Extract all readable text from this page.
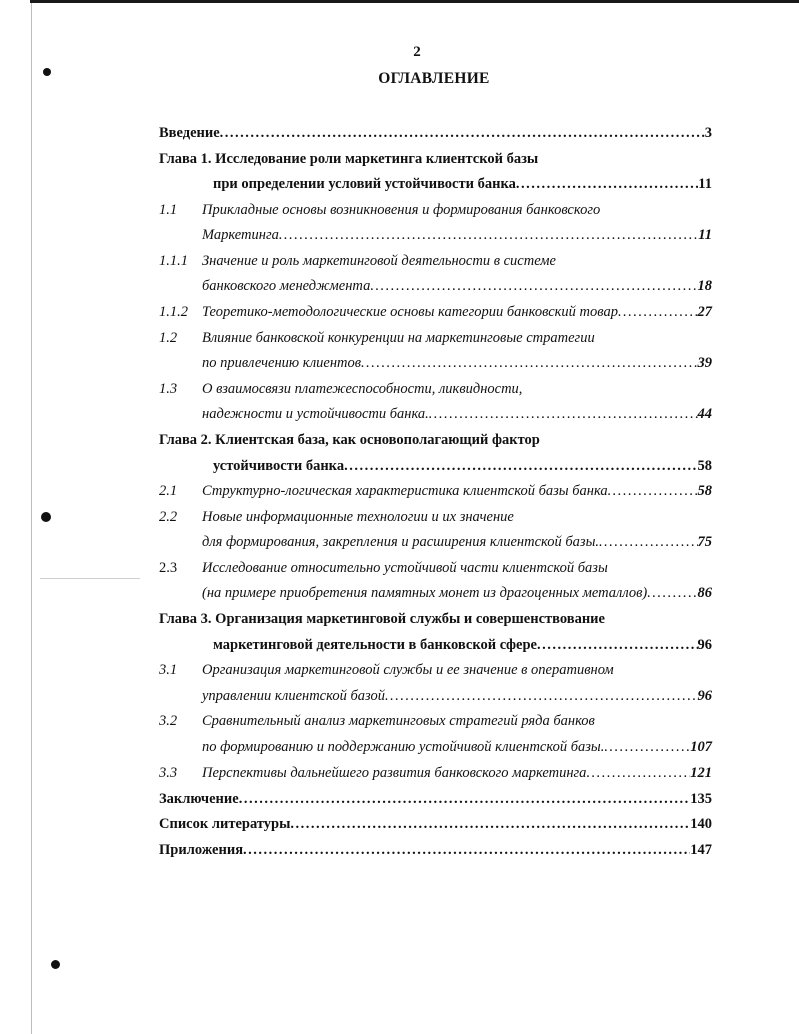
2
ОГЛАВЛЕНИЕ
Введение .....	3
Глава 1. Исследование роли маркетинга клиентской базы
при определении условий устойчивости банка .....	11
1.1	Прикладные основы возникновения и формирования банковского
Маркетинга .....	11
1.1.1 Значение и роль маркетинговой деятельности в системе
банковского менеджмента .....	18
1.1.2 Теоретико-методологические основы категории банковский товар .....	27
1.2	Влияние банковской конкуренции на маркетинговые стратегии
по привлечению клиентов .....	39
1.3	О взаимосвязи платежеспособности, ликвидности,
надежности и устойчивости банка. .....	44
Глава 2. Клиентская база, как основополагающий фактор
устойчивости банка .....	58
2.1	Структурно-логическая характеристика клиентской базы банка .....	58
2.2	Новые информационные технологии и их значение
для формирования, закрепления и расширения клиентской базы. .....	75
2.3	Исследование относительно устойчивой части клиентской базы
(на примере приобретения памятных монет из драгоценных металлов) .....	86
Глава 3. Организация маркетинговой службы и совершенствование
маркетинговой деятельности в банковской сфере .....	96
3.1	Организация маркетинговой службы и ее значение в оперативном
управлении клиентской базой .....	96
3.2	Сравнительный анализ маркетинговых стратегий ряда банков
по формированию и поддержанию устойчивой клиентской базы. .....	107
3.3	Перспективы дальнейшего развития банковского маркетинга .....	121
Заключение .....	135
Список литературы .....	140
Приложения .....	147
